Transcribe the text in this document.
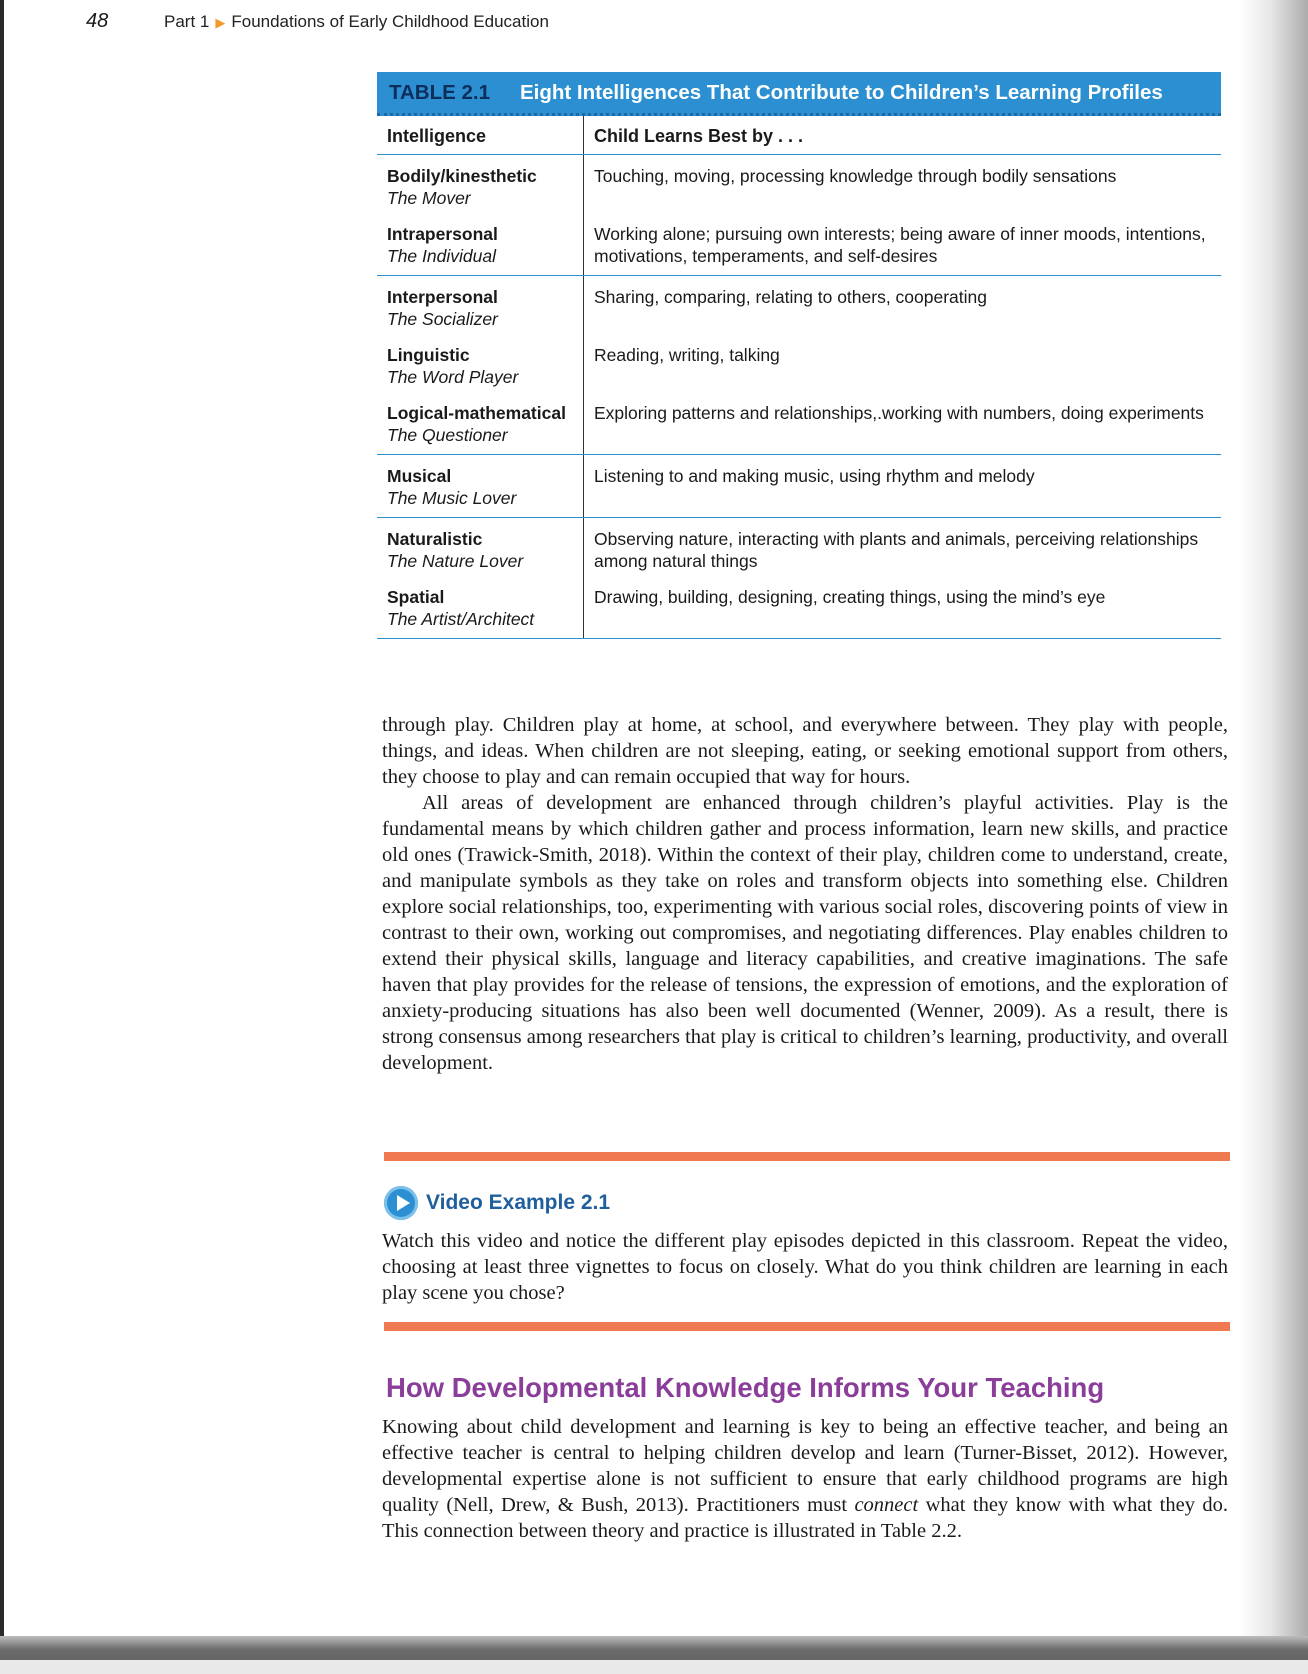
48	Part 1 ▶ Foundations of Early Childhood Education
TABLE 2.1 Eight Intelligences That Contribute to Children’s Learning Profiles
Intelligence	Child Learns Best by . . .

Bodily/kinesthetic
The Mover	Touching, moving, processing knowledge through bodily sensations

Intrapersonal
The Individual	Working alone; pursuing own interests; being aware of inner moods, intentions, motivations, temperaments, and self-desires

Interpersonal
The Socializer	Sharing, comparing, relating to others, cooperating

Linguistic
The Word Player	Reading, writing, talking

Logical-mathematical
The Questioner	Exploring patterns and relationships,.working with numbers, doing experiments

Musical
The Music Lover	Listening to and making music, using rhythm and melody

Naturalistic
The Nature Lover	Observing nature, interacting with plants and animals, perceiving relationships among natural things

Spatial
The Artist/Architect	Drawing, building, designing, creating things, using the mind’s eye

through play. Children play at home, at school, and everywhere between. They play with people, things, and ideas. When children are not sleeping, eating, or seeking emotional support from others, they choose to play and can remain occupied that way for hours.

All areas of development are enhanced through children’s playful activities. Play is the fundamental means by which children gather and process information, learn new skills, and practice old ones (Trawick-Smith, 2018). Within the context of their play, children come to understand, create, and manipulate symbols as they take on roles and transform objects into something else. Children explore social relationships, too, experimenting with various social roles, discovering points of view in contrast to their own, working out compromises, and negotiating differences. Play enables children to extend their physical skills, language and literacy capabilities, and creative imaginations. The safe haven that play provides for the release of tensions, the expression of emotions, and the exploration of anxiety-producing situations has also been well documented (Wenner, 2009). As a result, there is strong consensus among researchers that play is critical to children’s learning, productivity, and overall development.

Video Example 2.1

Watch this video and notice the different play episodes depicted in this classroom. Repeat the video, choosing at least three vignettes to focus on closely. What do you think children are learning in each play scene you chose?

How Developmental Knowledge Informs Your Teaching

Knowing about child development and learning is key to being an effective teacher, and being an effective teacher is central to helping children develop and learn (Turner-Bisset, 2012). However, developmental expertise alone is not sufficient to ensure that early childhood programs are high quality (Nell, Drew, & Bush, 2013). Practitioners must connect what they know with what they do. This connection between theory and practice is illustrated in Table 2.2.
